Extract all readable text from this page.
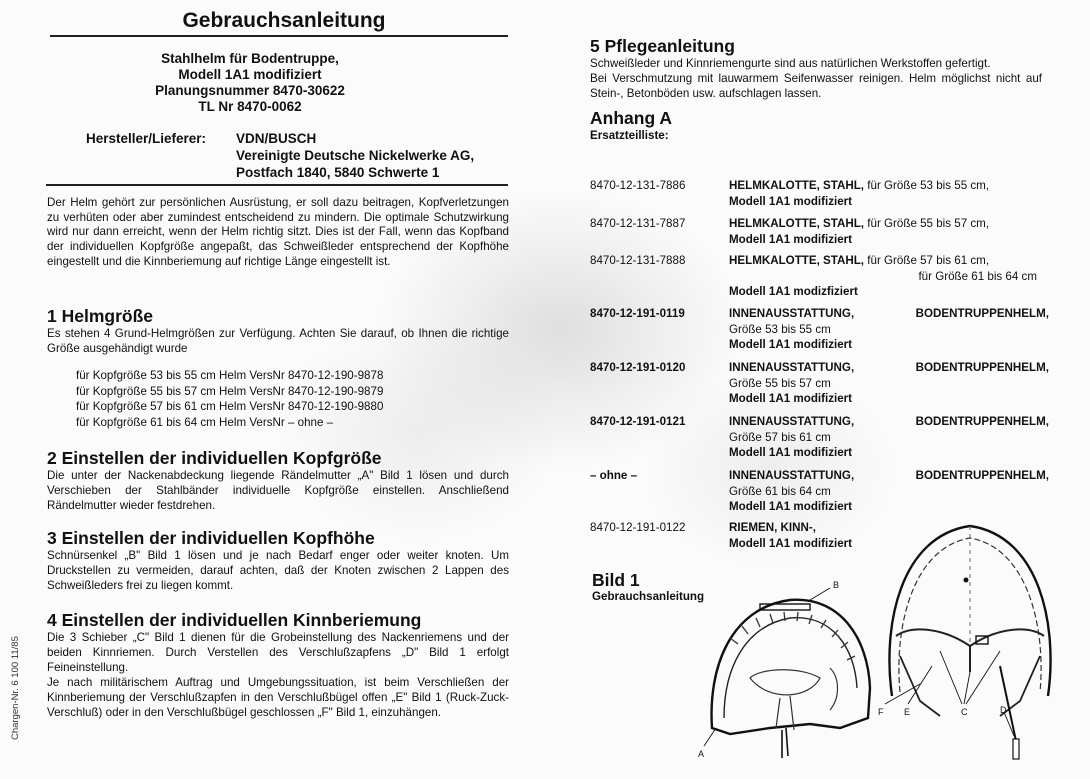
Gebrauchsanleitung
Stahlhelm für Bodentruppe,
Modell 1A1 modifiziert
Planungsnummer 8470-30622
TL Nr 8470-0062
Hersteller/Lieferer: VDN/BUSCH
Vereinigte Deutsche Nickelwerke AG,
Postfach 1840, 5840 Schwerte 1
Der Helm gehört zur persönlichen Ausrüstung, er soll dazu beitragen, Kopfverletzungen zu verhüten oder aber zumindest entscheidend zu mindern. Die optimale Schutzwirkung wird nur dann erreicht, wenn der Helm richtig sitzt. Dies ist der Fall, wenn das Kopfband der individuellen Kopfgröße angepaßt, das Schweißleder entsprechend der Kopfhöhe eingestellt und die Kinnberiemung auf richtige Länge eingestellt ist.
1 Helmgröße

Es stehen 4 Grund-Helmgrößen zur Verfügung. Achten Sie darauf, ob Ihnen die richtige Größe ausgehändigt wurde

für Kopfgröße 53 bis 55 cm Helm VersNr 8470-12-190-9878
für Kopfgröße 55 bis 57 cm Helm VersNr 8470-12-190-9879
für Kopfgröße 57 bis 61 cm Helm VersNr 8470-12-190-9880
für Kopfgröße 61 bis 64 cm Helm VersNr – ohne –
2 Einstellen der individuellen Kopfgröße

Die unter der Nackenabdeckung liegende Rändelmutter „A" Bild 1 lösen und durch Verschieben der Stahlbänder individuelle Kopfgröße einstellen. Anschließend Rändelmutter wieder festdrehen.

3 Einstellen der individuellen Kopfhöhe

Schnürsenkel „B" Bild 1 lösen und je nach Bedarf enger oder weiter knoten. Um Druckstellen zu vermeiden, darauf achten, daß der Knoten zwischen 2 Lappen des Schweißleders frei zu liegen kommt.

4 Einstellen der individuellen Kinnberiemung

Die 3 Schieber „C" Bild 1 dienen für die Grobeinstellung des Nackenriemens und der beiden Kinnriemen. Durch Verstellen des Verschlußzapfens „D" Bild 1 erfolgt Feineinstellung.

Je nach militärischem Auftrag und Umgebungssituation, ist beim Verschließen der Kinnberiemung der Verschlußzapfen in den Verschlußbügel offen „E" Bild 1 (Ruck-Zuck-Verschluß) oder in den Verschlußbügel geschlossen „F" Bild 1, einzuhängen.

Chargen-Nr. 6 100 11/85
5 Pflegeanleitung

Schweißleder und Kinnriemengurte sind aus natürlichen Werkstoffen gefertigt.

Bei Verschmutzung mit lauwarmem Seifenwasser reinigen. Helm möglichst nicht auf Stein-, Betonböden usw. aufschlagen lassen.

Anhang A
Ersatzteilliste:
8470-12-131-7886	HELMKALOTTE, STAHL, für Größe 53 bis 55 cm,
Modell 1A1 modifiziert
8470-12-131-7887	HELMKALOTTE, STAHL, für Größe 55 bis 57 cm,
Modell 1A1 modifiziert
8470-12-131-7888	HELMKALOTTE, STAHL, für Größe 57 bis 61 cm,
für Größe 61 bis 64 cm
Modell 1A1 modizfiziert
8470-12-191-0119	INNENAUSSTATTUNG,	BODENTRUPPENHELM,
Größe 53 bis 55 cm
Modell 1A1 modifiziert
8470-12-191-0120	INNENAUSSTATTUNG,	BODENTRUPPENHELM,
Größe 55 bis 57 cm
Modell 1A1 modifiziert
8470-12-191-0121	INNENAUSSTATTUNG,	BODENTRUPPENHELM,
Größe 57 bis 61 cm
Modell 1A1 modifiziert
– ohne –	INNENAUSSTATTUNG,	BODENTRUPPENHELM,
Größe 61 bis 64 cm
Modell 1A1 modifiziert
8470-12-191-0122	RIEMEN, KINN-,
Modell 1A1 modifiziert
Bild 1
Gebrauchsanleitung
B
A
F E	C	D
